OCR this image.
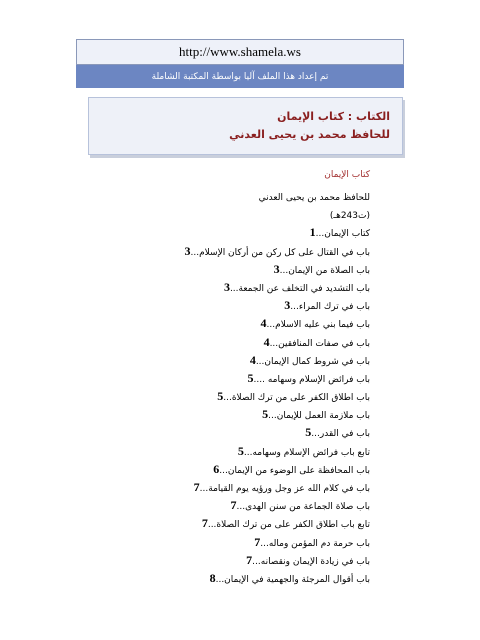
http://www.shamela.ws
تم إعداد هذا الملف آليا بواسطة المكتبة الشاملة
الكتاب : كتاب الإيمان
للحافظ محمد بن يحيى العدني
كتاب الإيمان
للحافظ محمد بن يحيى العدني
(ت243هـ)
كتاب الإيمان...1
باب في القتال على كل ركن من أركان الإسلام...3
باب الصلاة من الإيمان...3
باب التشديد في التخلف عن الجمعة...3
باب في ترك المراء...3
باب فيما بني عليه الاسلام...4
باب في صفات المنافقين...4
باب في شروط كمال الإيمان...4
باب فرائض الإسلام وسهامه ....5
باب اطلاق الكفر على من ترك الصلاة...5
باب ملازمة العمل للإيمان...5
باب في القدر...5
تابع باب فرائض الإسلام وسهامه...5
باب المحافظة على الوضوء من الإيمان...6
باب في كلام الله عز وجل ورؤيه يوم القيامة...7
باب صلاة الجماعة من سنن الهدى...7
تابع باب اطلاق الكفر على من ترك الصلاة...7
باب حرمة دم المؤمن وماله...7
باب في زيادة الإيمان ونقصانه...7
باب أقوال المرجئة والجهمية في الإيمان...8
